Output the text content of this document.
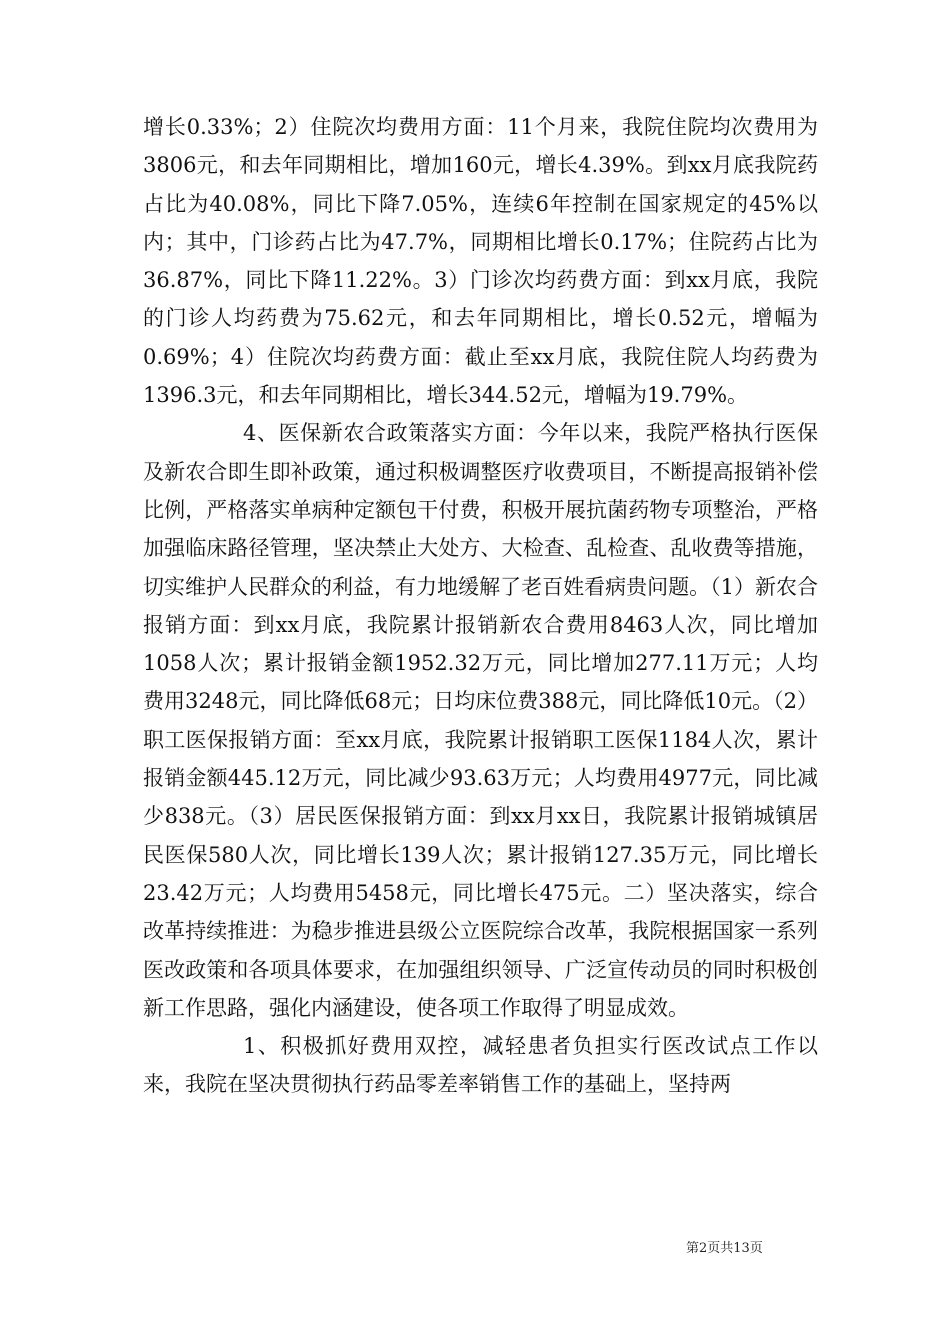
增长0.33%；2）住院次均费用方面：11个月来，我院住院均次费用为3806元，和去年同期相比，增加160元，增长4.39%。到xx月底我院药占比为40.08%，同比下降7.05%，连续6年控制在国家规定的45%以内；其中，门诊药占比为47.7%，同期相比增长0.17%；住院药占比为36.87%，同比下降11.22%。3）门诊次均药费方面：到xx月底，我院的门诊人均药费为75.62元，和去年同期相比，增长0.52元，增幅为0.69%；4）住院次均药费方面：截止至xx月底，我院住院人均药费为1396.3元，和去年同期相比，增长344.52元，增幅为19.79%。

4、医保新农合政策落实方面：今年以来，我院严格执行医保及新农合即生即补政策，通过积极调整医疗收费项目，不断提高报销补偿比例，严格落实单病种定额包干付费，积极开展抗菌药物专项整治，严格加强临床路径管理，坚决禁止大处方、大检查、乱检查、乱收费等措施，切实维护人民群众的利益，有力地缓解了老百姓看病贵问题。（1）新农合报销方面：到xx月底，我院累计报销新农合费用8463人次，同比增加1058人次；累计报销金额1952.32万元，同比增加277.11万元；人均费用3248元，同比降低68元；日均床位费388元，同比降低10元。（2）职工医保报销方面：至xx月底，我院累计报销职工医保1184人次，累计报销金额445.12万元，同比减少93.63万元；人均费用4977元，同比减少838元。（3）居民医保报销方面：到xx月xx日，我院累计报销城镇居民医保580人次，同比增长139人次；累计报销127.35万元，同比增长23.42万元；人均费用5458元，同比增长475元。二）坚决落实，综合改革持续推进：为稳步推进县级公立医院综合改革，我院根据国家一系列医改政策和各项具体要求，在加强组织领导、广泛宣传动员的同时积极创新工作思路，强化内涵建设，使各项工作取得了明显成效。

1、积极抓好费用双控，减轻患者负担实行医改试点工作以来，我院在坚决贯彻执行药品零差率销售工作的基础上，坚持两

第2页共13页
